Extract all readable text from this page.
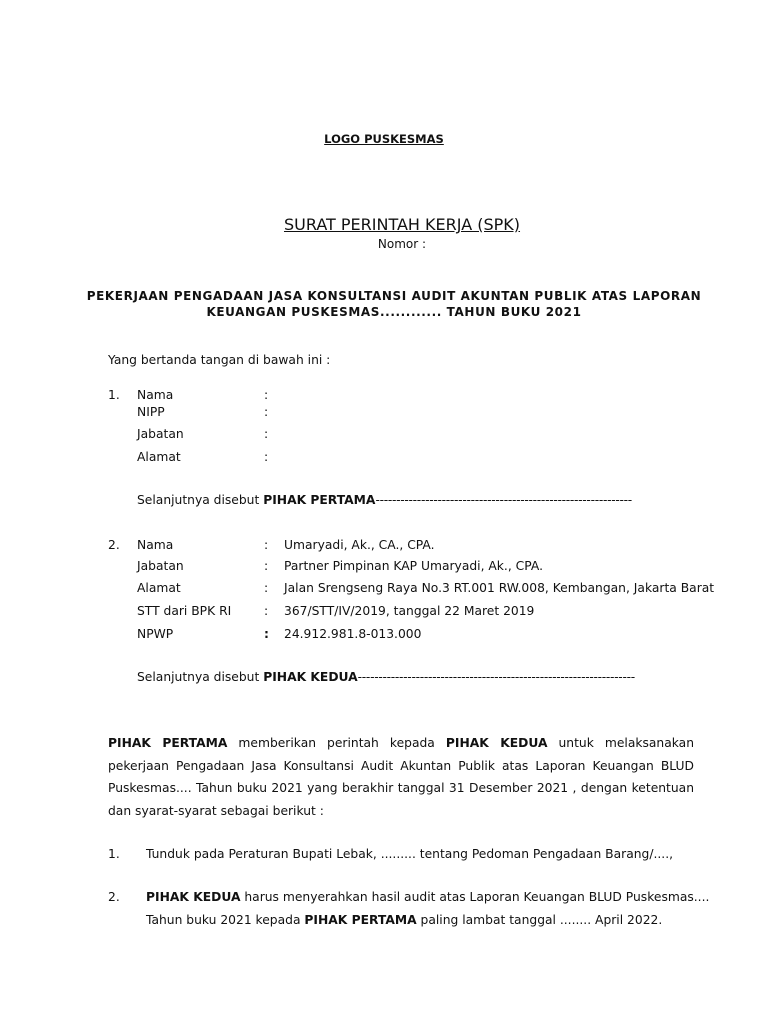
LOGO PUSKESMAS
SURAT PERINTAH KERJA (SPK)
Nomor :
PEKERJAAN PENGADAAN JASA KONSULTANSI AUDIT AKUNTAN PUBLIK ATAS LAPORAN
KEUANGAN PUSKESMAS............ TAHUN BUKU 2021
Yang bertanda tangan di bawah ini :
1. Nama	:
NIPP	:
Jabatan	:
Alamat	:
Selanjutnya disebut PIHAK PERTAMA--------------------------------------------------------------
2. Nama	: Umaryadi, Ak., CA., CPA.
Jabatan	: Partner Pimpinan KAP Umaryadi, Ak., CPA.
Alamat	: Jalan Srengseng Raya No.3 RT.001 RW.008, Kembangan, Jakarta Barat
STT dari BPK RI	: 367/STT/IV/2019, tanggal 22 Maret 2019
NPWP	: 24.912.981.8-013.000
Selanjutnya disebut PIHAK KEDUA-------------------------------------------------------------------
PIHAK PERTAMA memberikan perintah kepada PIHAK KEDUA untuk melaksanakan pekerjaan Pengadaan Jasa Konsultansi Audit Akuntan Publik atas Laporan Keuangan BLUD Puskesmas.... Tahun buku 2021 yang berakhir tanggal 31 Desember 2021 , dengan ketentuan dan syarat-syarat sebagai berikut :
1. Tunduk pada Peraturan Bupati Lebak, ......... tentang Pedoman Pengadaan Barang/....,
2. PIHAK KEDUA harus menyerahkan hasil audit atas Laporan Keuangan BLUD Puskesmas....
Tahun buku 2021 kepada PIHAK PERTAMA paling lambat tanggal ........ April 2022.
